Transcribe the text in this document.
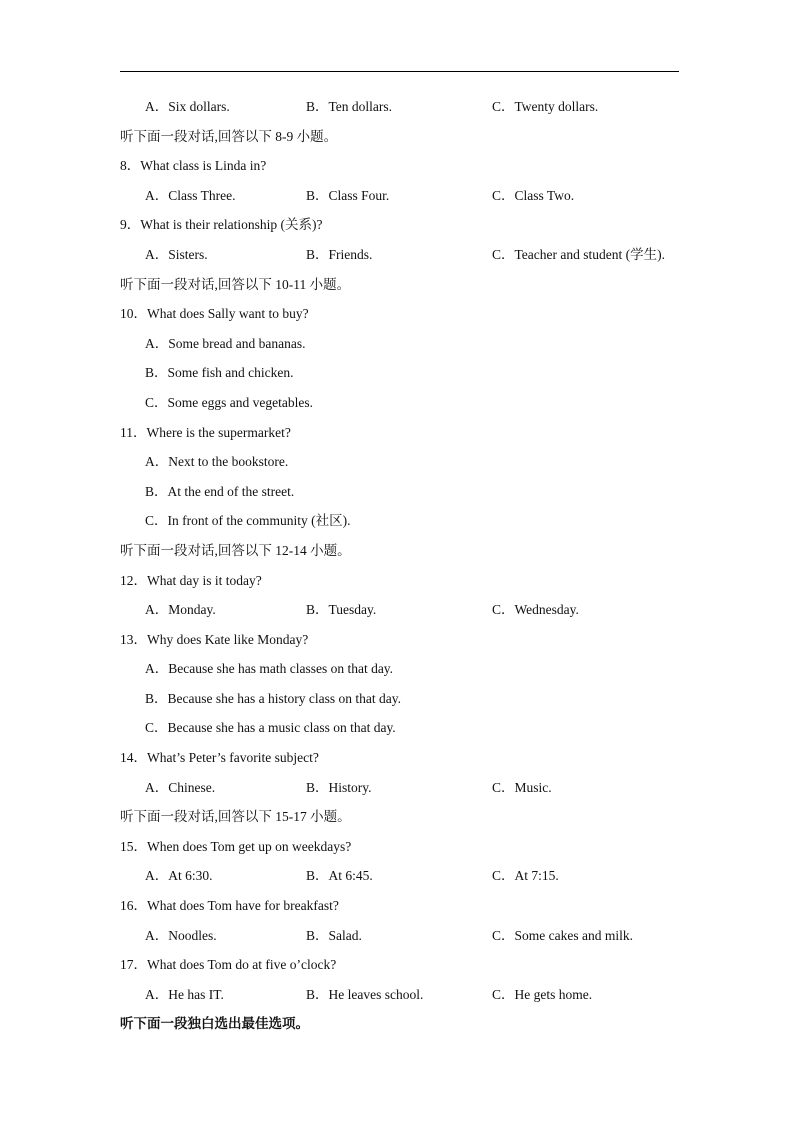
A．Six dollars.	B．Ten dollars.	C．Twenty dollars.
听下面一段对话,回答以下 8-9 小题。
8．What class is Linda in?
A．Class Three.	B．Class Four.	C．Class Two.
9．What is their relationship (关系)?
A．Sisters.	B．Friends.	C．Teacher and student (学生).
听下面一段对话,回答以下 10-11 小题。
10．What does Sally want to buy?
A．Some bread and bananas.
B．Some fish and chicken.
C．Some eggs and vegetables.
11．Where is the supermarket?
A．Next to the bookstore.
B．At the end of the street.
C．In front of the community (社区).
听下面一段对话,回答以下 12-14 小题。
12．What day is it today?
A．Monday.	B．Tuesday.	C．Wednesday.
13．Why does Kate like Monday?
A．Because she has math classes on that day.
B．Because she has a history class on that day.
C．Because she has a music class on that day.
14．What’s Peter’s favorite subject?
A．Chinese.	B．History.	C．Music.
听下面一段对话,回答以下 15-17 小题。
15．When does Tom get up on weekdays?
A．At 6:30.	B．At 6:45.	C．At 7:15.
16．What does Tom have for breakfast?
A．Noodles.	B．Salad.	C．Some cakes and milk.
17．What does Tom do at five o’clock?
A．He has IT.	B．He leaves school.	C．He gets home.
听下面一段独白选出最佳选项。
